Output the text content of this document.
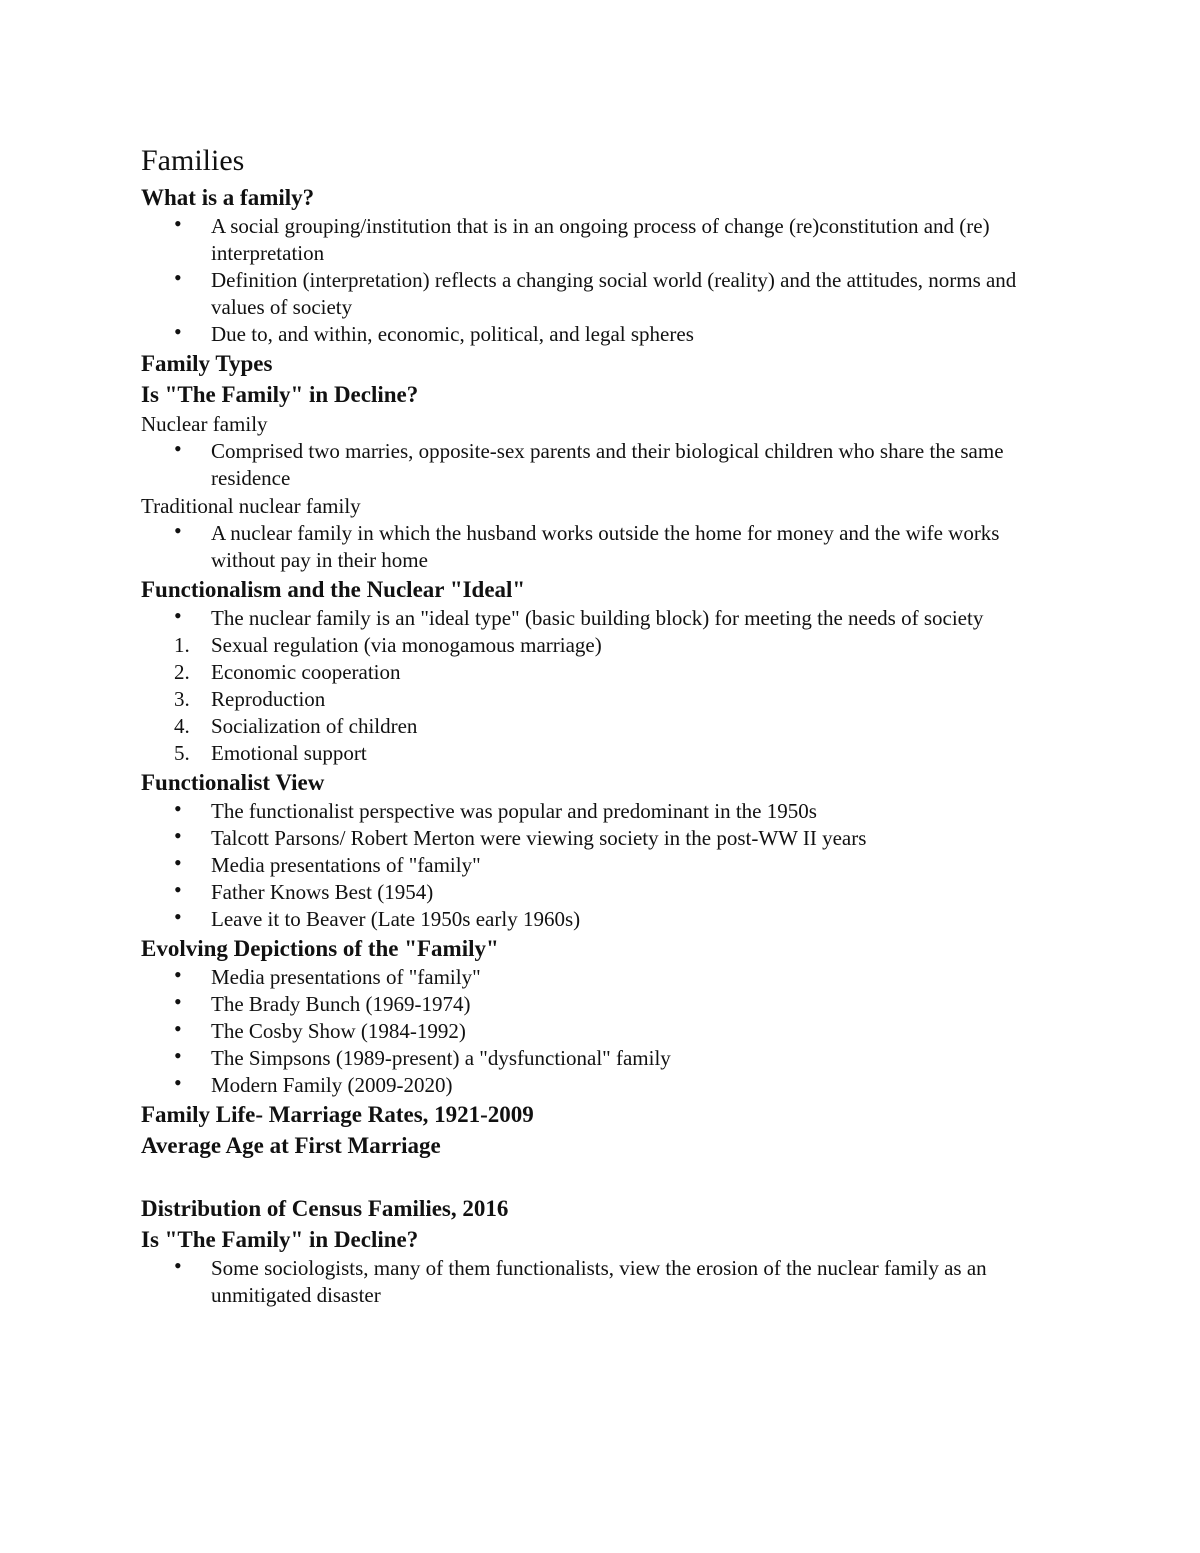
Families
What is a family?
• A social grouping/institution that is in an ongoing process of change (re)constitution and (re) interpretation
• Definition (interpretation) reflects a changing social world (reality) and the attitudes, norms and values of society
• Due to, and within, economic, political, and legal spheres
Family Types
Is "The Family" in Decline?
Nuclear family
• Comprised two marries, opposite-sex parents and their biological children who share the same residence
Traditional nuclear family
• A nuclear family in which the husband works outside the home for money and the wife works without pay in their home
Functionalism and the Nuclear "Ideal"
• The nuclear family is an "ideal type" (basic building block) for meeting the needs of society
1. Sexual regulation (via monogamous marriage)
2. Economic cooperation
3. Reproduction
4. Socialization of children
5. Emotional support
Functionalist View
• The functionalist perspective was popular and predominant in the 1950s
• Talcott Parsons/ Robert Merton were viewing society in the post-WW II years
• Media presentations of "family"
• Father Knows Best (1954)
• Leave it to Beaver (Late 1950s early 1960s)
Evolving Depictions of the "Family"
• Media presentations of "family"
• The Brady Bunch (1969-1974)
• The Cosby Show (1984-1992)
• The Simpsons (1989-present) a "dysfunctional" family
• Modern Family (2009-2020)
Family Life- Marriage Rates, 1921-2009
Average Age at First Marriage
Distribution of Census Families, 2016
Is "The Family" in Decline?
• Some sociologists, many of them functionalists, view the erosion of the nuclear family as an unmitigated disaster
